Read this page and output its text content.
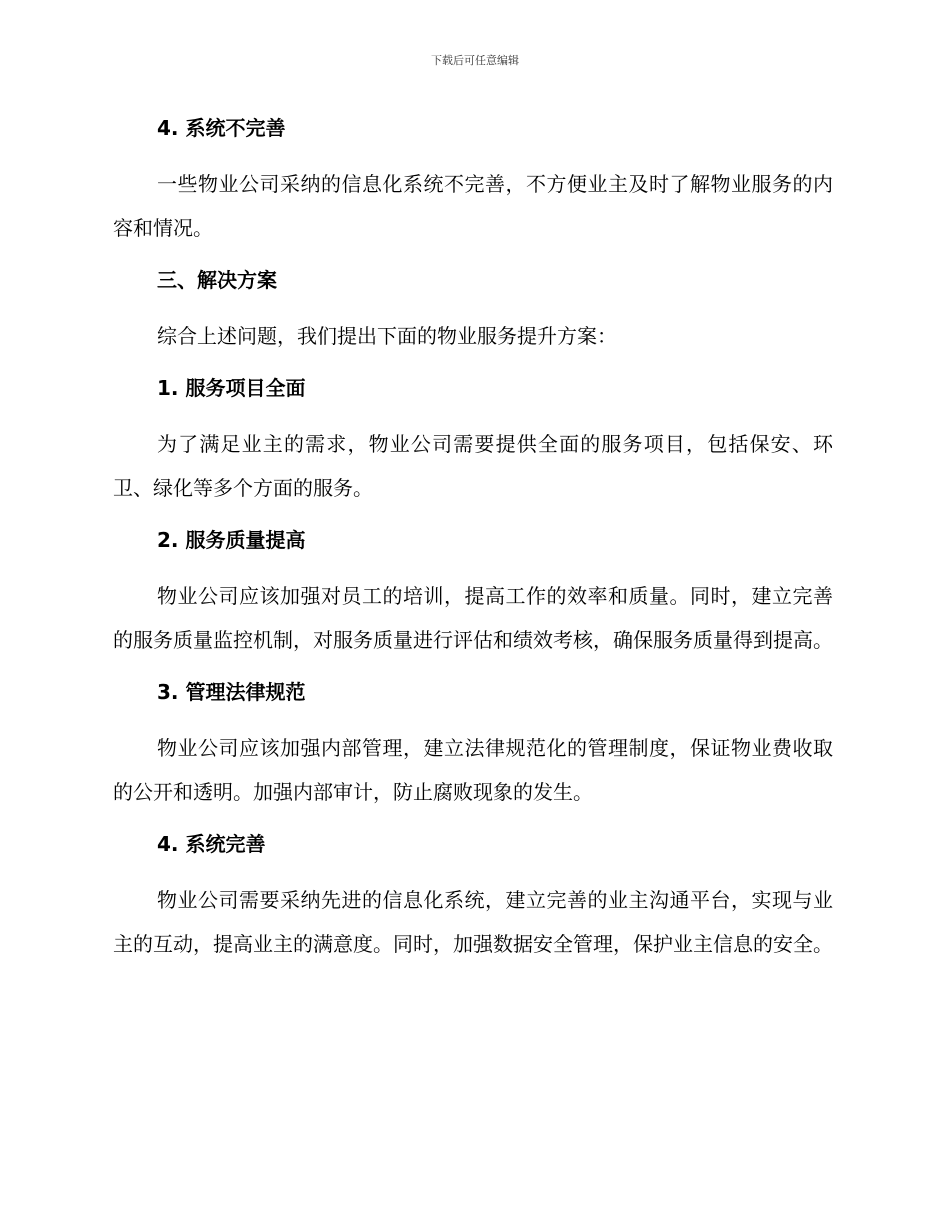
下载后可任意编辑
4. 系统不完善

一些物业公司采纳的信息化系统不完善，不方便业主及时了解物业服务的内容和情况。

三、解决方案

综合上述问题，我们提出下面的物业服务提升方案：

1. 服务项目全面

为了满足业主的需求，物业公司需要提供全面的服务项目，包括保安、环卫、绿化等多个方面的服务。

2. 服务质量提高

物业公司应该加强对员工的培训，提高工作的效率和质量。同时，建立完善的服务质量监控机制，对服务质量进行评估和绩效考核，确保服务质量得到提高。

3. 管理法律规范

物业公司应该加强内部管理，建立法律规范化的管理制度，保证物业费收取的公开和透明。加强内部审计，防止腐败现象的发生。

4. 系统完善

物业公司需要采纳先进的信息化系统，建立完善的业主沟通平台，实现与业主的互动，提高业主的满意度。同时，加强数据安全管理，保护业主信息的安全。
